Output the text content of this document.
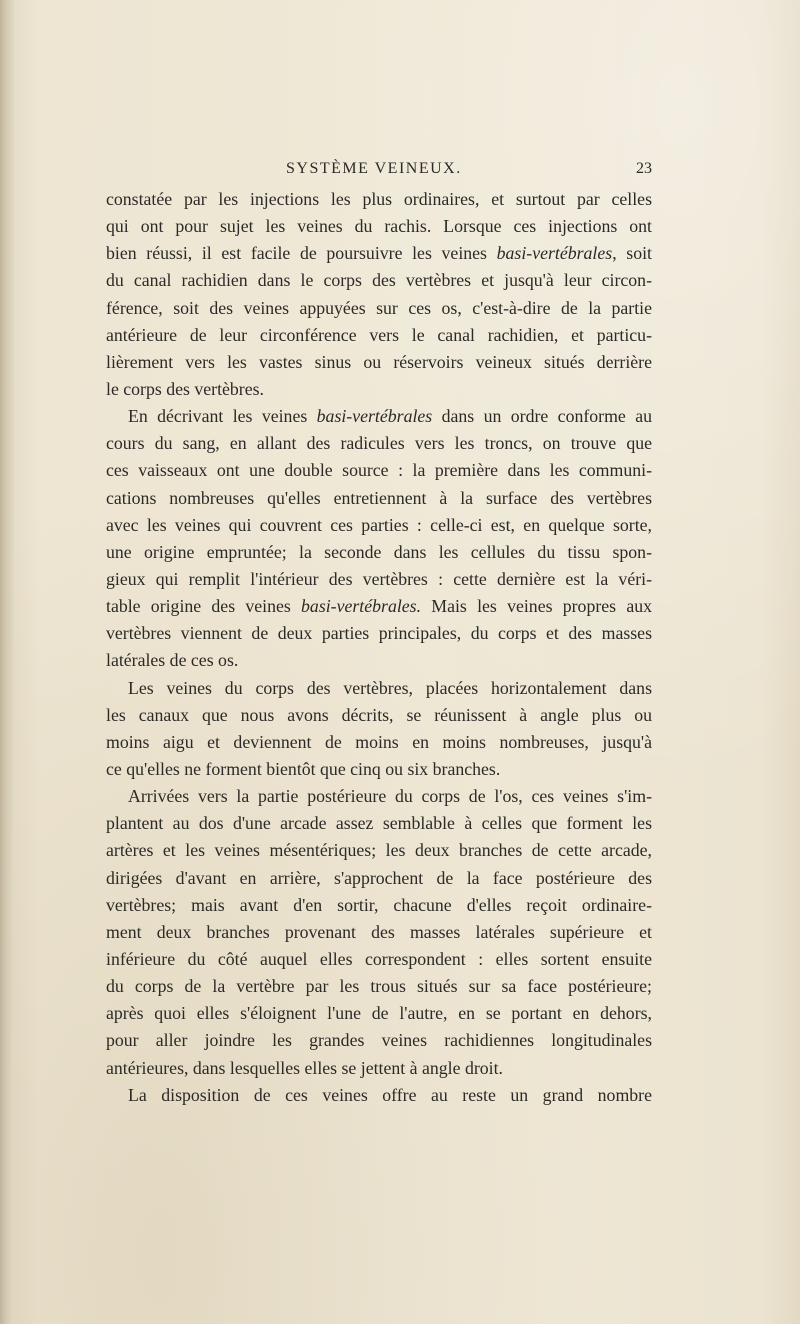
SYSTÈME VEINEUX.	23
constatée par les injections les plus ordinaires, et surtout par celles
qui ont pour sujet les veines du rachis. Lorsque ces injections ont
bien réussi, il est facile de poursuivre les veines basi-vertébrales, soit
du canal rachidien dans le corps des vertèbres et jusqu'à leur circon-
férence, soit des veines appuyées sur ces os, c'est-à-dire de la partie
antérieure de leur circonférence vers le canal rachidien, et particu-
lièrement vers les vastes sinus ou réservoirs veineux situés derrière
le corps des vertèbres.
En décrivant les veines basi-vertébrales dans un ordre conforme au
cours du sang, en allant des radicules vers les troncs, on trouve que
ces vaisseaux ont une double source : la première dans les communi-
cations nombreuses qu'elles entretiennent à la surface des vertèbres
avec les veines qui couvrent ces parties : celle-ci est, en quelque sorte,
une origine empruntée; la seconde dans les cellules du tissu spon-
gieux qui remplit l'intérieur des vertèbres : cette dernière est la véri-
table origine des veines basi-vertébrales. Mais les veines propres aux
vertèbres viennent de deux parties principales, du corps et des masses
latérales de ces os.
Les veines du corps des vertèbres, placées horizontalement dans
les canaux que nous avons décrits, se réunissent à angle plus ou
moins aigu et deviennent de moins en moins nombreuses, jusqu'à
ce qu'elles ne forment bientôt que cinq ou six branches.
Arrivées vers la partie postérieure du corps de l'os, ces veines s'im-
plantent au dos d'une arcade assez semblable à celles que forment les
artères et les veines mésentériques; les deux branches de cette arcade,
dirigées d'avant en arrière, s'approchent de la face postérieure des
vertèbres; mais avant d'en sortir, chacune d'elles reçoit ordinaire-
ment deux branches provenant des masses latérales supérieure et
inférieure du côté auquel elles correspondent : elles sortent ensuite
du corps de la vertèbre par les trous situés sur sa face postérieure;
après quoi elles s'éloignent l'une de l'autre, en se portant en dehors,
pour aller joindre les grandes veines rachidiennes longitudinales
antérieures, dans lesquelles elles se jettent à angle droit.
La disposition de ces veines offre au reste un grand nombre
